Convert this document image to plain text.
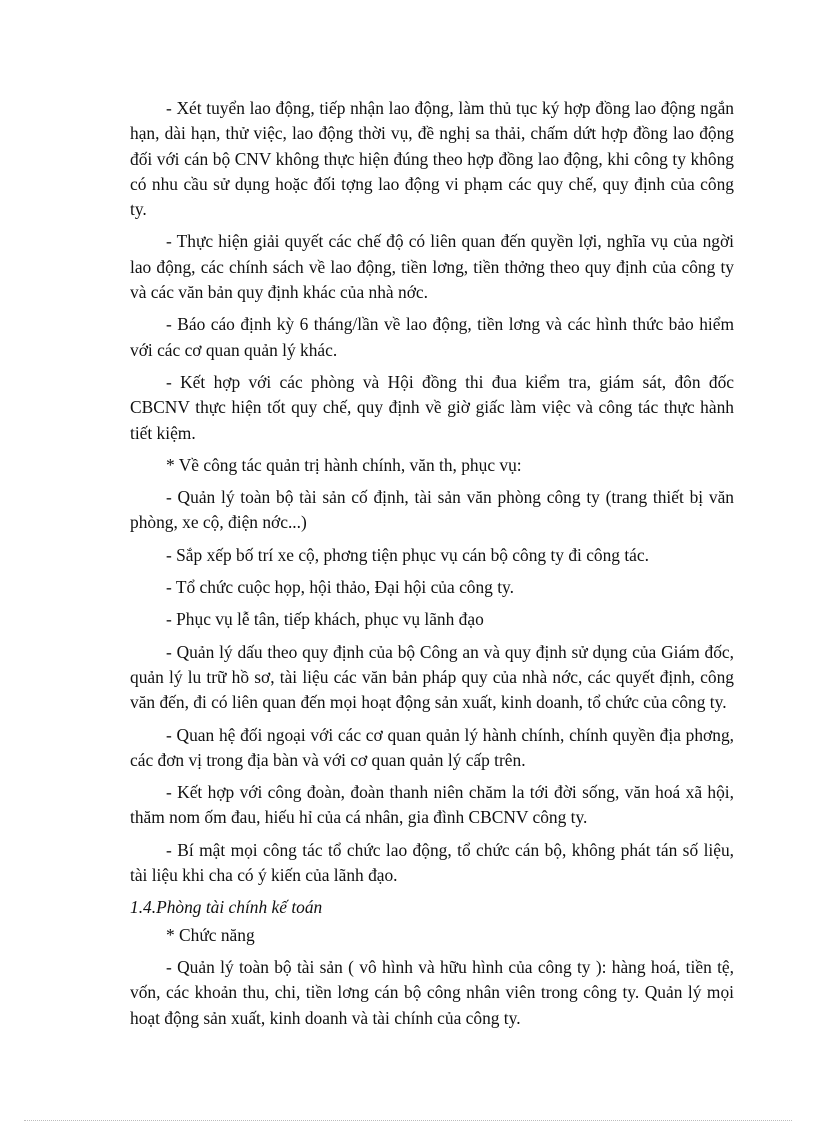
- Xét tuyển lao động, tiếp nhận lao động, làm thủ tục ký hợp đồng lao động ngắn hạn, dài hạn, thử việc, lao động thời vụ, đề nghị sa thải, chấm dứt hợp đồng lao động đối với cán bộ CNV không thực hiện đúng theo hợp đồng lao động, khi công ty không có nhu cầu sử dụng hoặc đối tợng lao động vi phạm các quy chế, quy định của công ty.

- Thực hiện giải quyết các chế độ có liên quan đến quyền lợi, nghĩa vụ của ngời lao động, các chính sách về lao động, tiền lơng, tiền thởng theo quy định của công ty và các văn bản quy định khác của nhà nớc.

- Báo cáo định kỳ 6 tháng/lần về lao động, tiền lơng và các hình thức bảo hiểm với các cơ quan quản lý khác.

- Kết hợp với các phòng và Hội đồng thi đua kiểm tra, giám sát, đôn đốc CBCNV thực hiện tốt quy chế, quy định về giờ giấc làm việc và công tác thực hành tiết kiệm.

* Về công tác quản trị hành chính, văn th, phục vụ:

- Quản lý toàn bộ tài sản cố định, tài sản văn phòng công ty (trang thiết bị văn phòng, xe cộ, điện nớc...)

- Sắp xếp bố trí xe cộ, phơng tiện phục vụ cán bộ công ty đi công tác.

- Tổ chức cuộc họp, hội thảo, Đại hội của công ty.

- Phục vụ lễ tân, tiếp khách, phục vụ lãnh đạo

- Quản lý dấu theo quy định của bộ Công an và quy định sử dụng của Giám đốc, quản lý lu trữ hồ sơ, tài liệu các văn bản pháp quy của nhà nớc, các quyết định, công văn đến, đi có liên quan đến mọi hoạt động sản xuất, kinh doanh, tổ chức của công ty.

- Quan hệ đối ngoại với các cơ quan quản lý hành chính, chính quyền địa phơng, các đơn vị trong địa bàn và với cơ quan quản lý cấp trên.

- Kết hợp với công đoàn, đoàn thanh niên chăm la tới đời sống, văn hoá xã hội, thăm nom ốm đau, hiếu hỉ của cá nhân, gia đình CBCNV công ty.

- Bí mật mọi công tác tổ chức lao động, tổ chức cán bộ, không phát tán số liệu, tài liệu khi cha có ý kiến của lãnh đạo.

1.4.Phòng tài chính kế toán

* Chức năng

- Quản lý toàn bộ tài sản ( vô hình và hữu hình của công ty ): hàng hoá, tiền tệ, vốn, các khoản thu, chi, tiền lơng cán bộ công nhân viên trong công ty. Quản lý mọi hoạt động sản xuất, kinh doanh và tài chính của công ty.
